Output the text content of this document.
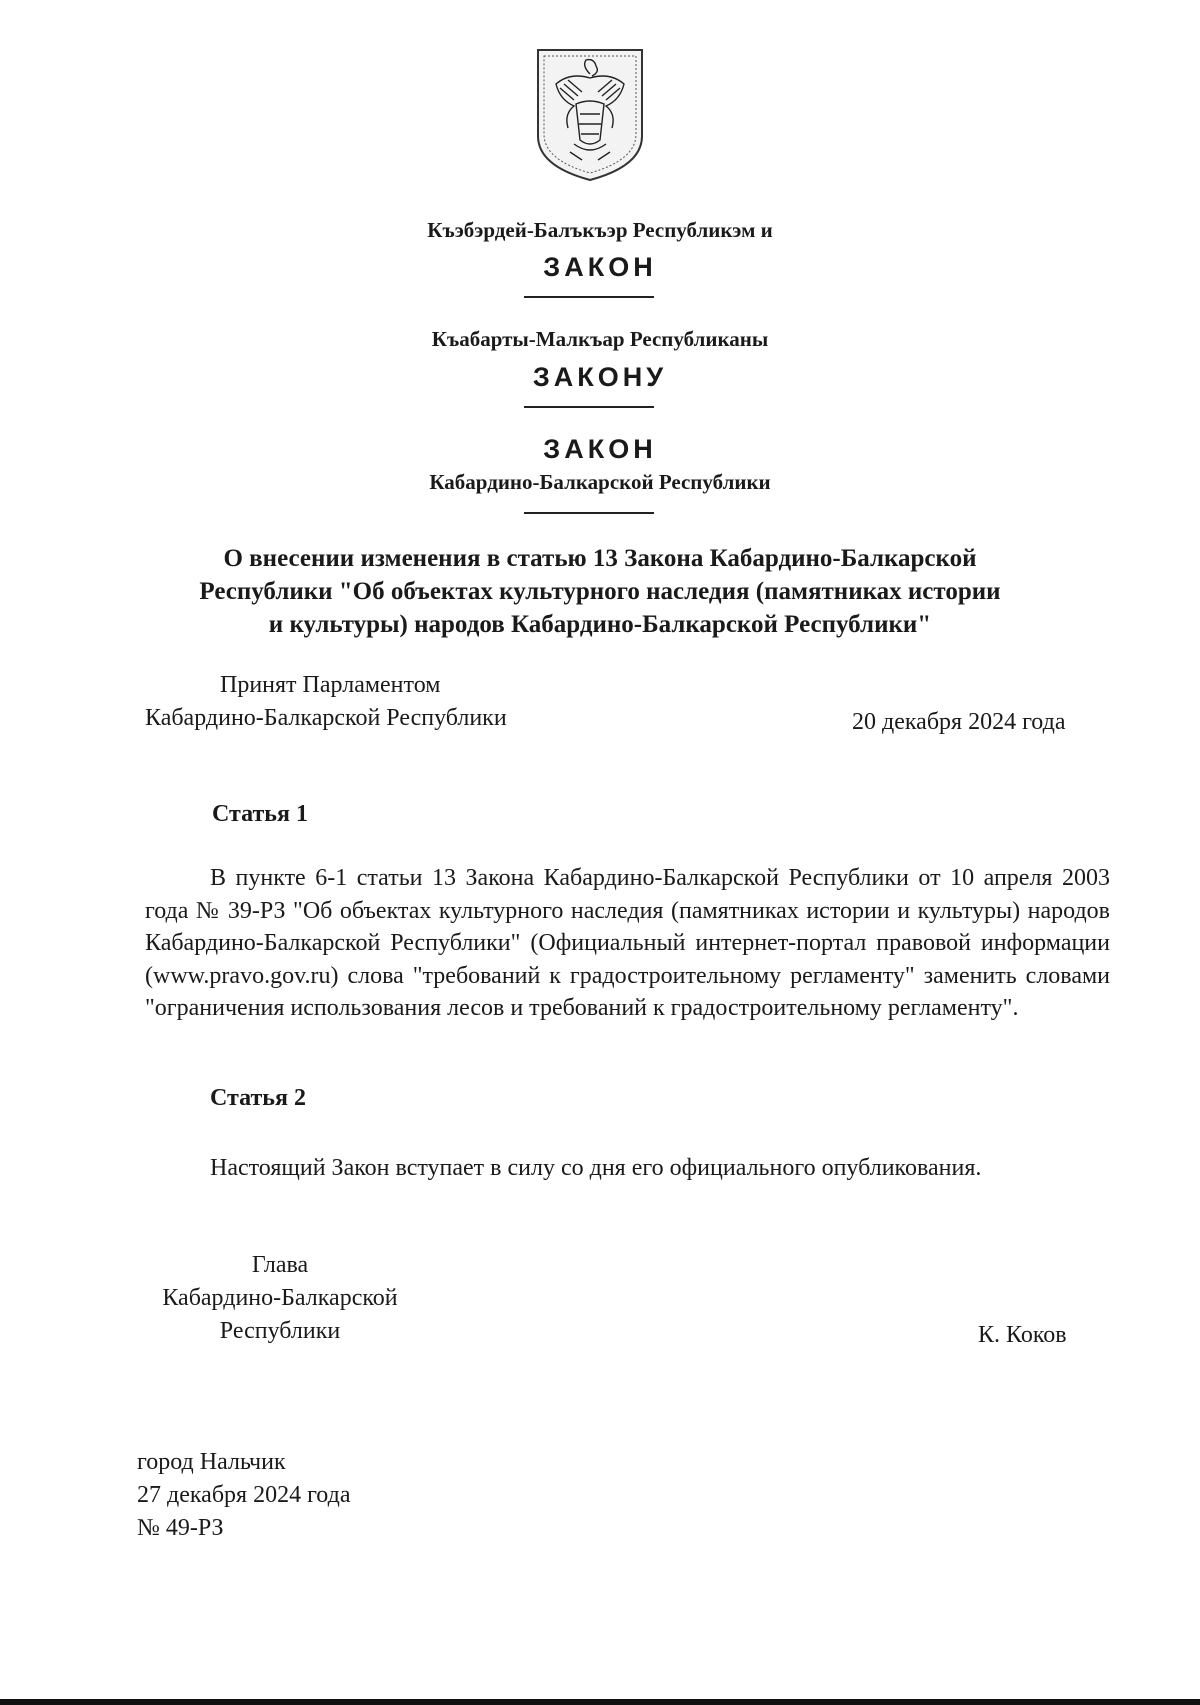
Къэбэрдей-Балъкъэр Республикэм и
ЗАКОН
Къабарты-Малкъар Республиканы
ЗАКОНУ
ЗАКОН
Кабардино-Балкарской Республики
О внесении изменения в статью 13 Закона Кабардино-Балкарской
Республики "Об объектах культурного наследия (памятниках истории
и культуры) народов Кабардино-Балкарской Республики"
Принят Парламентом
Кабардино-Балкарской Республики	20 декабря 2024 года
Статья 1
В пункте 6-1 статьи 13 Закона Кабардино-Балкарской Республики от 10 апреля 2003 года № 39-РЗ "Об объектах культурного наследия (памятниках истории и культуры) народов Кабардино-Балкарской Республики" (Официальный интернет-портал правовой информации (www.pravo.gov.ru) слова "требований к градостроительному регламенту" заменить словами "ограничения использования лесов и требований к градостроительному регламенту".
Статья 2
Настоящий Закон вступает в силу со дня его официального опубликования.
Глава
Кабардино-Балкарской
Республики	К. Коков
город Нальчик
27 декабря 2024 года
№ 49-РЗ
